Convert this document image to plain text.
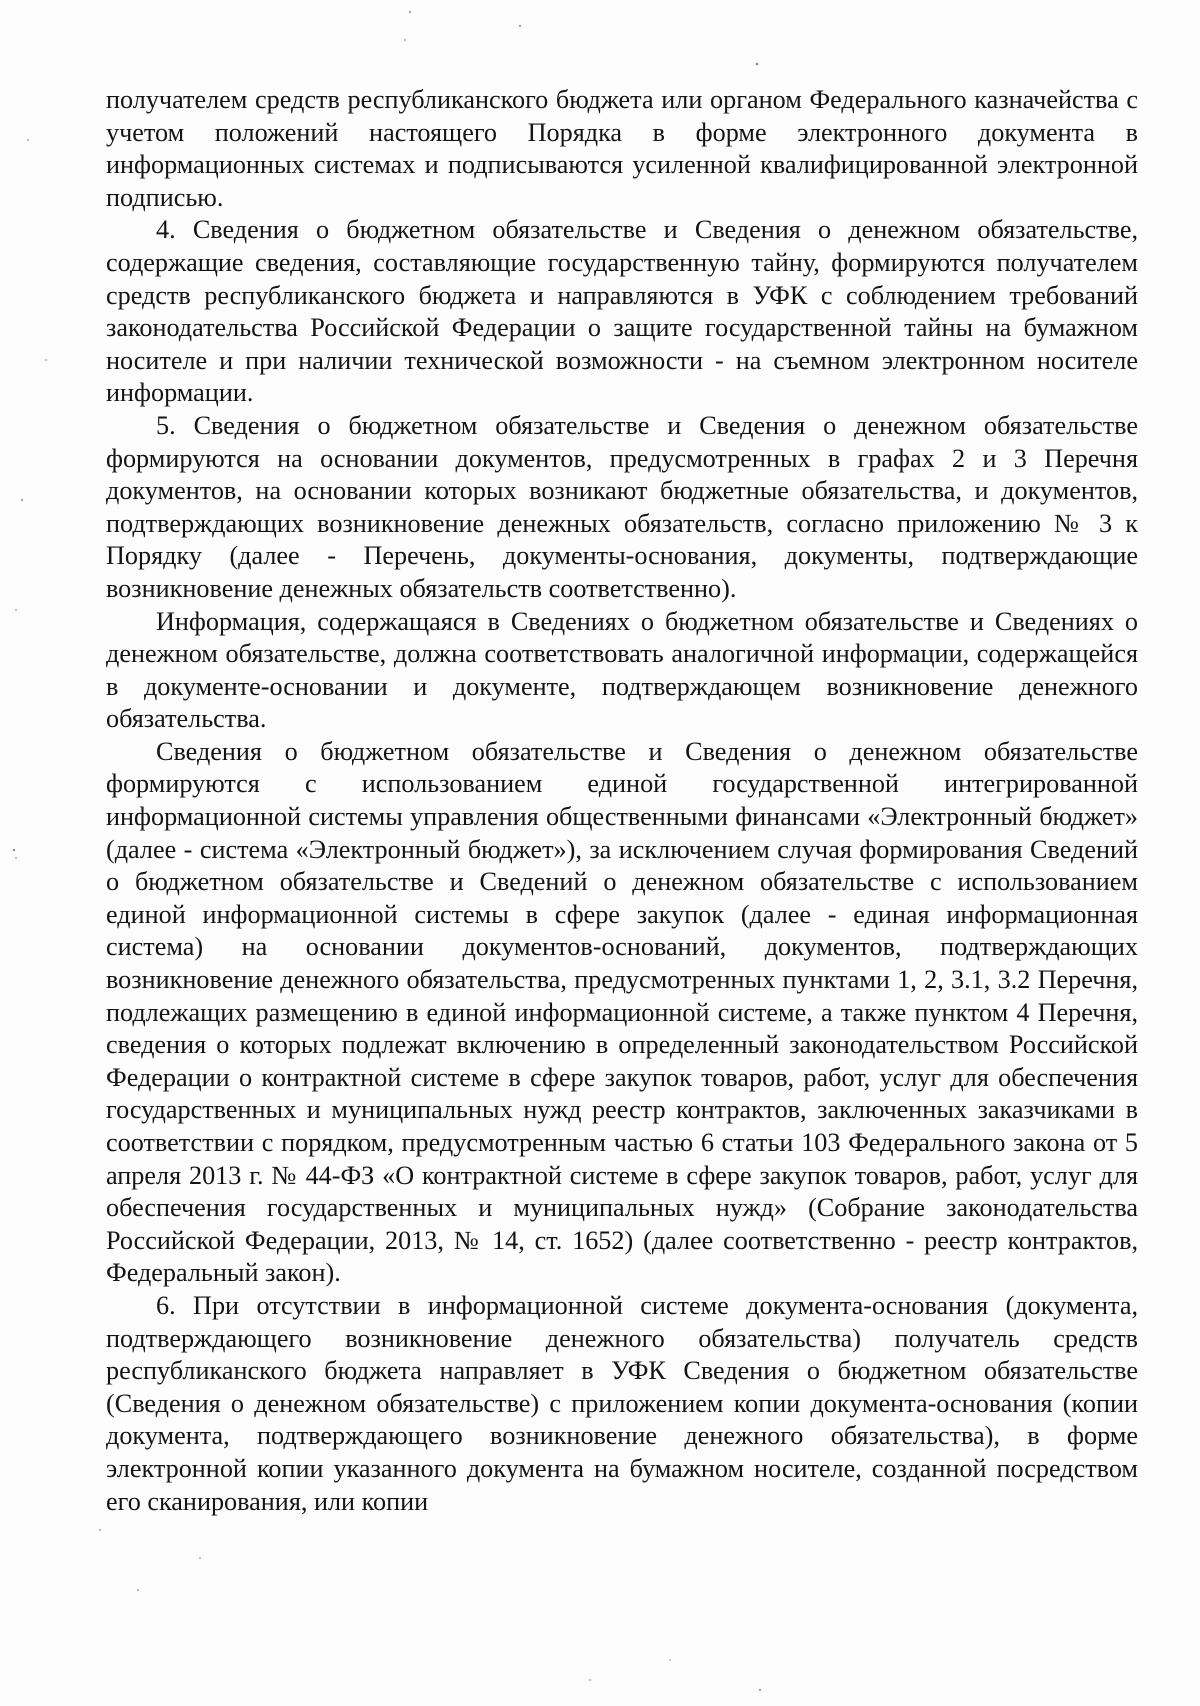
получателем средств республиканского бюджета или органом Федерального казначейства с учетом положений настоящего Порядка в форме электронного документа в информационных системах и подписываются усиленной квалифицированной электронной подписью.

4. Сведения о бюджетном обязательстве и Сведения о денежном обязательстве, содержащие сведения, составляющие государственную тайну, формируются получателем средств республиканского бюджета и направляются в УФК с соблюдением требований законодательства Российской Федерации о защите государственной тайны на бумажном носителе и при наличии технической возможности - на съемном электронном носителе информации.

5. Сведения о бюджетном обязательстве и Сведения о денежном обязательстве формируются на основании документов, предусмотренных в графах 2 и 3 Перечня документов, на основании которых возникают бюджетные обязательства, и документов, подтверждающих возникновение денежных обязательств, согласно приложению № 3 к Порядку (далее - Перечень, документы-основания, документы, подтверждающие возникновение денежных обязательств соответственно).

Информация, содержащаяся в Сведениях о бюджетном обязательстве и Сведениях о денежном обязательстве, должна соответствовать аналогичной информации, содержащейся в документе-основании и документе, подтверждающем возникновение денежного обязательства.

Сведения о бюджетном обязательстве и Сведения о денежном обязательстве формируются с использованием единой государственной интегрированной информационной системы управления общественными финансами «Электронный бюджет» (далее - система «Электронный бюджет»), за исключением случая формирования Сведений о бюджетном обязательстве и Сведений о денежном обязательстве с использованием единой информационной системы в сфере закупок (далее - единая информационная система) на основании документов-оснований, документов, подтверждающих возникновение денежного обязательства, предусмотренных пунктами 1, 2, 3.1, 3.2 Перечня, подлежащих размещению в единой информационной системе, а также пунктом 4 Перечня, сведения о которых подлежат включению в определенный законодательством Российской Федерации о контрактной системе в сфере закупок товаров, работ, услуг для обеспечения государственных и муниципальных нужд реестр контрактов, заключенных заказчиками в соответствии с порядком, предусмотренным частью 6 статьи 103 Федерального закона от 5 апреля 2013 г. № 44-ФЗ «О контрактной системе в сфере закупок товаров, работ, услуг для обеспечения государственных и муниципальных нужд» (Собрание законодательства Российской Федерации, 2013, № 14, ст. 1652) (далее соответственно - реестр контрактов, Федеральный закон).

6. При отсутствии в информационной системе документа-основания (документа, подтверждающего возникновение денежного обязательства) получатель средств республиканского бюджета направляет в УФК Сведения о бюджетном обязательстве (Сведения о денежном обязательстве) с приложением копии документа-основания (копии документа, подтверждающего возникновение денежного обязательства), в форме электронной копии указанного документа на бумажном носителе, созданной посредством его сканирования, или копии
